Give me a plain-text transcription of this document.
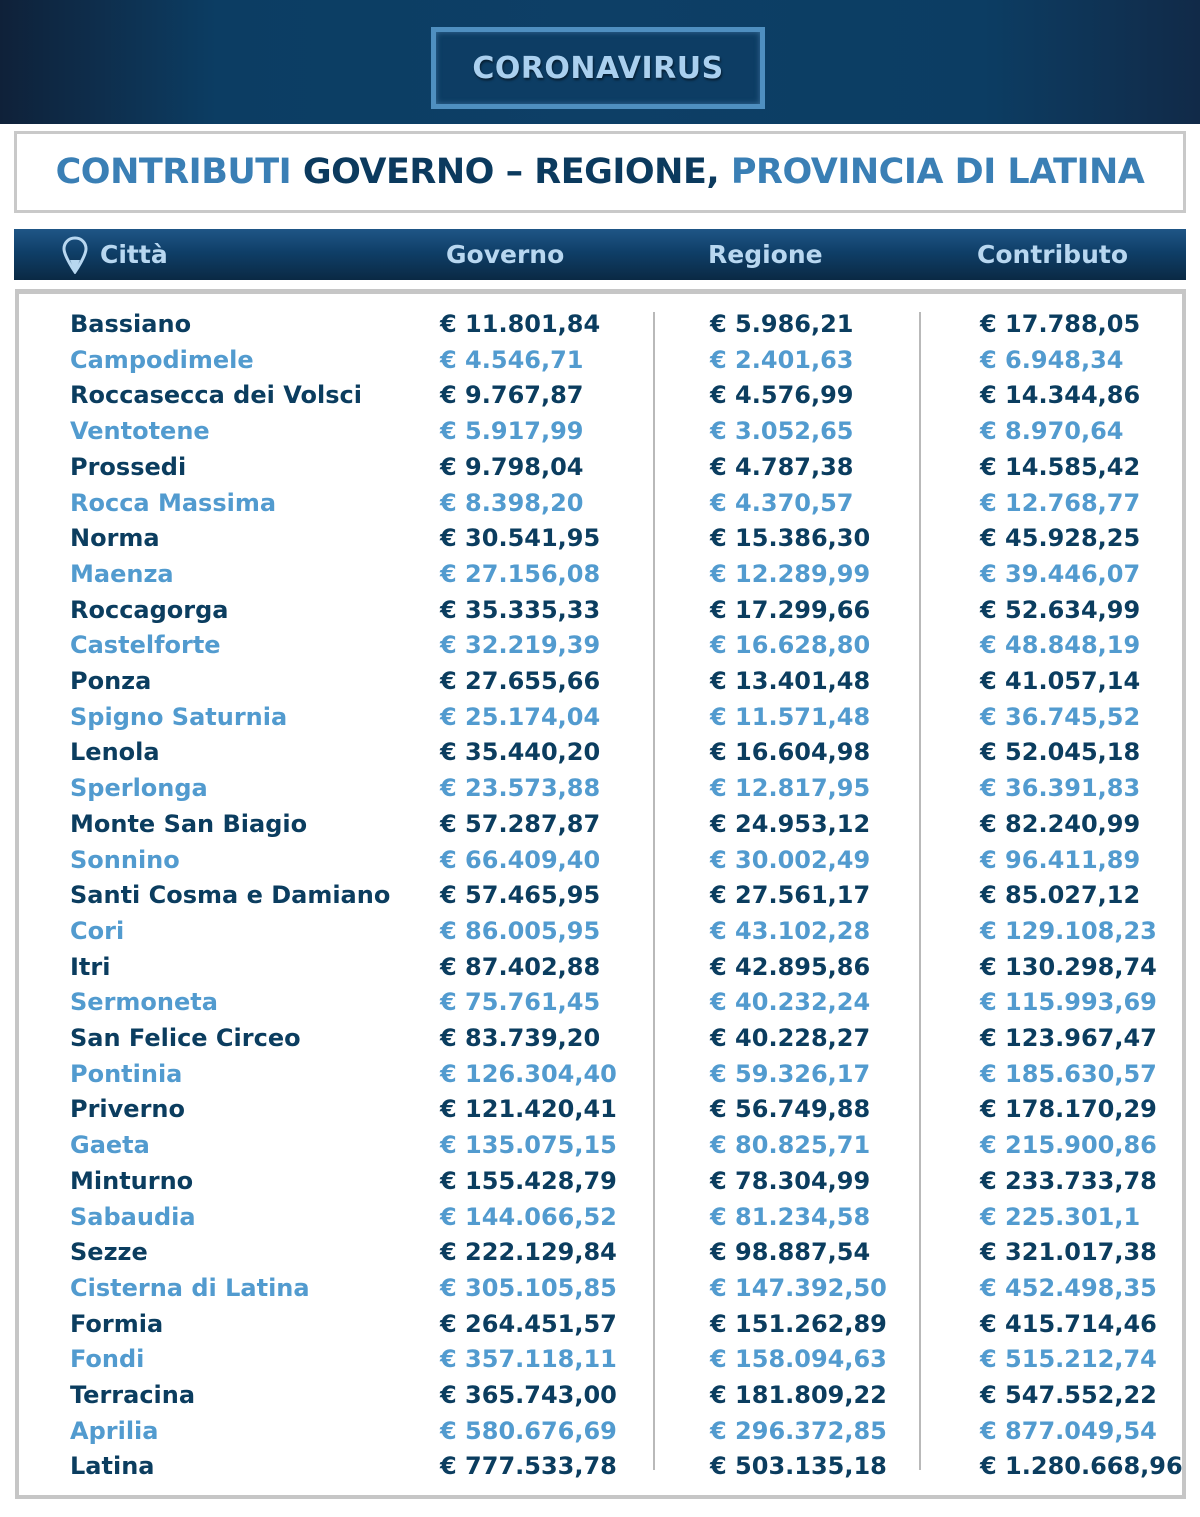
CORONAVIRUS
CONTRIBUTI
GOVERNO – REGIONE,
PROVINCIA DI LATINA
Città	Governo	Regione	Contributo
Bassiano	€ 11.801,84	€ 5.986,21	€ 17.788,05
Campodimele	€ 4.546,71	€ 2.401,63	€ 6.948,34
Roccasecca dei Volsci	€ 9.767,87	€ 4.576,99	€ 14.344,86
Ventotene	€ 5.917,99	€ 3.052,65	€ 8.970,64
Prossedi	€ 9.798,04	€ 4.787,38	€ 14.585,42
Rocca Massima	€ 8.398,20	€ 4.370,57	€ 12.768,77
Norma	€ 30.541,95	€ 15.386,30	€ 45.928,25
Maenza	€ 27.156,08	€ 12.289,99	€ 39.446,07
Roccagorga	€ 35.335,33	€ 17.299,66	€ 52.634,99
Castelforte	€ 32.219,39	€ 16.628,80	€ 48.848,19
Ponza	€ 27.655,66	€ 13.401,48	€ 41.057,14
Spigno Saturnia	€ 25.174,04	€ 11.571,48	€ 36.745,52
Lenola	€ 35.440,20	€ 16.604,98	€ 52.045,18
Sperlonga	€ 23.573,88	€ 12.817,95	€ 36.391,83
Monte San Biagio	€ 57.287,87	€ 24.953,12	€ 82.240,99
Sonnino	€ 66.409,40	€ 30.002,49	€ 96.411,89
Santi Cosma e Damiano € 57.465,95	€ 27.561,17	€ 85.027,12
Cori	€ 86.005,95	€ 43.102,28	€ 129.108,23
Itri	€ 87.402,88	€ 42.895,86	€ 130.298,74
Sermoneta	€ 75.761,45	€ 40.232,24	€ 115.993,69
San Felice Circeo	€ 83.739,20	€ 40.228,27	€ 123.967,47
Pontinia	€ 126.304,40	€ 59.326,17	€ 185.630,57
Priverno	€ 121.420,41	€ 56.749,88	€ 178.170,29
Gaeta	€ 135.075,15	€ 80.825,71	€ 215.900,86
Minturno	€ 155.428,79	€ 78.304,99	€ 233.733,78
Sabaudia	€ 144.066,52	€ 81.234,58	€ 225.301,1
Sezze	€ 222.129,84	€ 98.887,54	€ 321.017,38
Cisterna di Latina	€ 305.105,85	€ 147.392,50	€ 452.498,35
Formia	€ 264.451,57	€ 151.262,89	€ 415.714,46
Fondi	€ 357.118,11	€ 158.094,63	€ 515.212,74
Terracina	€ 365.743,00	€ 181.809,22	€ 547.552,22
Aprilia	€ 580.676,69	€ 296.372,85	€ 877.049,54
Latina	€ 777.533,78	€ 503.135,18	€ 1.280.668,96
